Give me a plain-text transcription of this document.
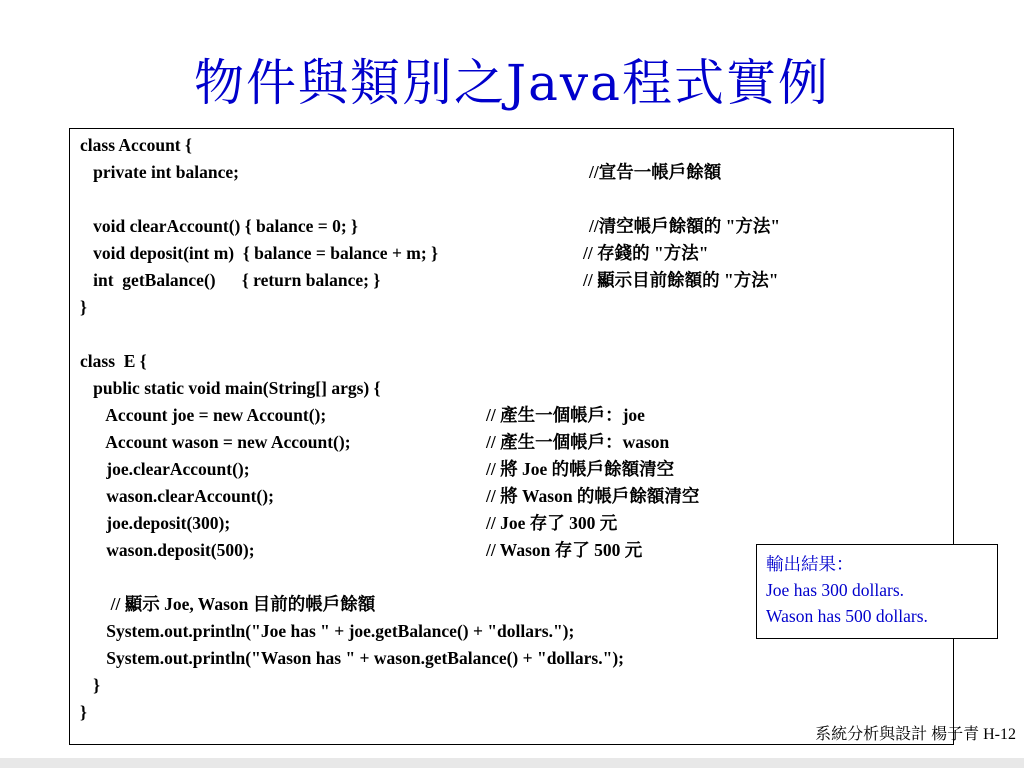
物件與類別之Java程式實例
class Account {
private int balance;
void clearAccount() { balance = 0; }
void deposit(int m)  { balance = balance + m; }
int  getBalance()      { return balance; }
}
class  E {
public static void main(String[] args) {
Account joe = new Account();
Account wason = new Account();
joe.clearAccount();
wason.clearAccount();
joe.deposit(300);
wason.deposit(500);
// 顯示 Joe, Wason 目前的帳戶餘額
System.out.println("Joe has " + joe.getBalance() + "dollars.");
System.out.println("Wason has " + wason.getBalance() + "dollars.");
}
}
//宣告一帳戶餘額
//清空帳戶餘額的 "方法"
// 存錢的 "方法"
// 顯示目前餘額的 "方法"
// 產生一個帳戶：joe
// 產生一個帳戶：wason
// 將 Joe 的帳戶餘額清空
// 將 Wason 的帳戶餘額清空
// Joe 存了 300 元
// Wason 存了 500 元
輸出結果：
Joe has 300 dollars.
Wason has 500 dollars.
系統分析與設計 楊子青 H-12
